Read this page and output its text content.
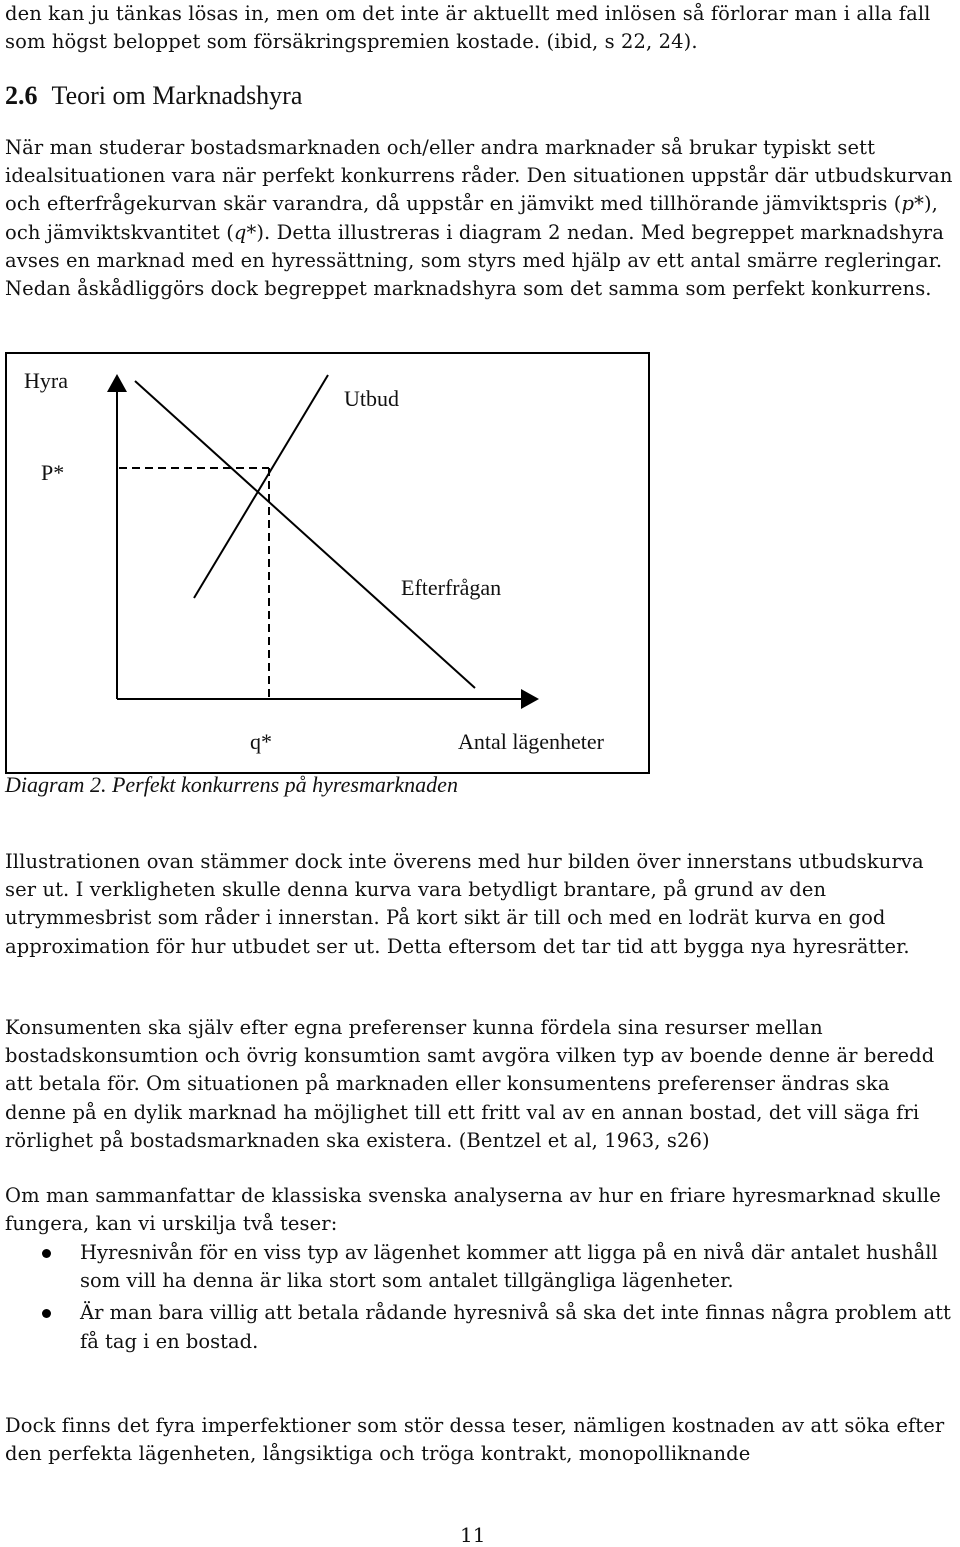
den kan ju tänkas lösas in, men om det inte är aktuellt med inlösen så förlorar man i alla fall som högst beloppet som försäkringspremien kostade. (ibid, s 22, 24).

2.6 Teori om Marknadshyra

När man studerar bostadsmarknaden och/eller andra marknader så brukar typiskt sett idealsituationen vara när perfekt konkurrens råder. Den situationen uppstår där utbudskurvan och efterfrågekurvan skär varandra, då uppstår en jämvikt med tillhörande jämviktspris (p*), och jämviktskvantitet (q*). Detta illustreras i diagram 2 nedan. Med begreppet marknadshyra avses en marknad med en hyressättning, som styrs med hjälp av ett antal smärre regleringar. Nedan åskådliggörs dock begreppet marknadshyra som det samma som perfekt konkurrens.

Hyra
Utbud
P*
Efterfrågan
q*	Antal lägenheter
Diagram 2. Perfekt konkurrens på hyresmarknaden

Illustrationen ovan stämmer dock inte överens med hur bilden över innerstans utbudskurva ser ut. I verkligheten skulle denna kurva vara betydligt brantare, på grund av den utrymmesbrist som råder i innerstan. På kort sikt är till och med en lodrät kurva en god approximation för hur utbudet ser ut. Detta eftersom det tar tid att bygga nya hyresrätter.

Konsumenten ska själv efter egna preferenser kunna fördela sina resurser mellan bostadskonsumtion och övrig konsumtion samt avgöra vilken typ av boende denne är beredd att betala för. Om situationen på marknaden eller konsumentens preferenser ändras ska denne på en dylik marknad ha möjlighet till ett fritt val av en annan bostad, det vill säga fri rörlighet på bostadsmarknaden ska existera. (Bentzel et al, 1963, s26)

Om man sammanfattar de klassiska svenska analyserna av hur en friare hyresmarknad skulle fungera, kan vi urskilja två teser:

Hyresnivån för en viss typ av lägenhet kommer att ligga på en nivå där antalet hushåll som vill ha denna är lika stort som antalet tillgängliga lägenheter.
Är man bara villig att betala rådande hyresnivå så ska det inte finnas några problem att få tag i en bostad.

Dock finns det fyra imperfektioner som stör dessa teser, nämligen kostnaden av att söka efter den perfekta lägenheten, långsiktiga och tröga kontrakt, monopolliknande

11
